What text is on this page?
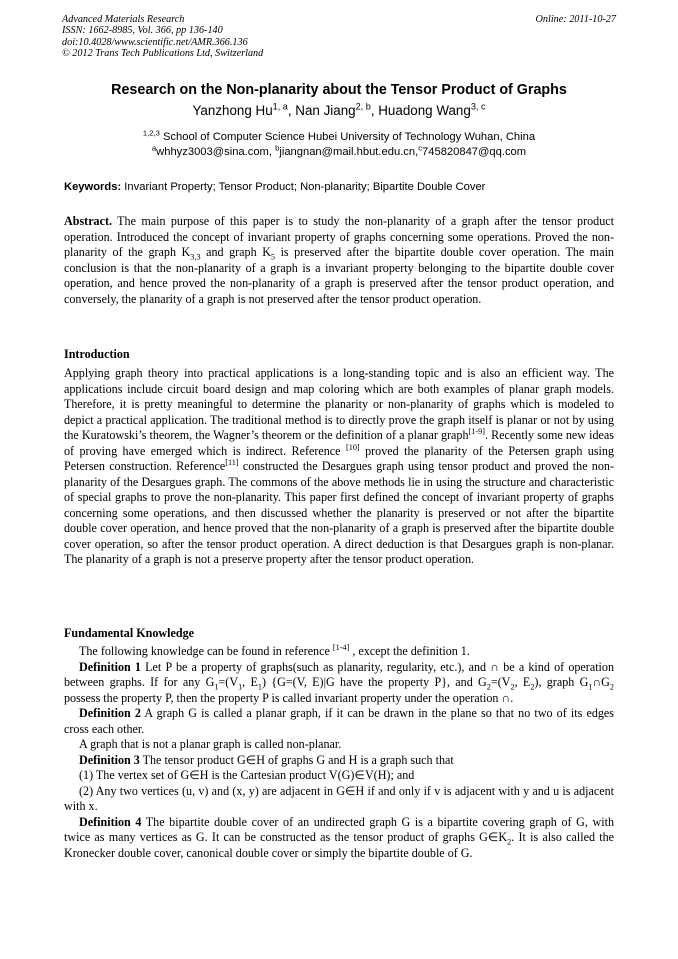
Advanced Materials Research
ISSN: 1662-8985, Vol. 366, pp 136-140
doi:10.4028/www.scientific.net/AMR.366.136
© 2012 Trans Tech Publications Ltd, Switzerland
Online: 2011-10-27
Research on the Non-planarity about the Tensor Product of Graphs
Yanzhong Hu$^{1, a}$, Nan Jiang$^{2, b}$, Huadong Wang$^{3, c}$
$^{1,2,3}$ School of Computer Science Hubei University of Technology Wuhan, China
$^a$whhyz3003@sina.com, $^b$jiangnan@mail.hbut.edu.cn,$^c$745820847@qq.com
Keywords: Invariant Property; Tensor Product; Non-planarity; Bipartite Double Cover
Abstract. The main purpose of this paper is to study the non-planarity of a graph after the tensor product operation. Introduced the concept of invariant property of graphs concerning some operations. Proved the non-planarity of the graph $K_{3,3}$ and graph $K_5$ is preserved after the bipartite double cover operation. The main conclusion is that the non-planarity of a graph is a invariant property belonging to the bipartite double cover operation, and hence proved the non-planarity of a graph is preserved after the tensor product operation, and conversely, the planarity of a graph is not preserved after the tensor product operation.
Introduction
Applying graph theory into practical applications is a long-standing topic and is also an efficient way. The applications include circuit board design and map coloring which are both examples of planar graph models. Therefore, it is pretty meaningful to determine the planarity or non-planarity of graphs which is modeled to depict a practical application. The traditional method is to directly prove the graph itself is planar or not by using the Kuratowski’s theorem, the Wagner’s theorem or the definition of a planar graph[1-9]. Recently some new ideas of proving have emerged which is indirect. Reference [10] proved the planarity of the Petersen graph using Petersen construction. Reference[11] constructed the Desargues graph using tensor product and proved the non-planarity of the Desargues graph. The commons of the above methods lie in using the structure and characteristic of special graphs to prove the non-planarity. This paper first defined the concept of invariant property of graphs concerning some operations, and then discussed whether the planarity is preserved or not after the bipartite double cover operation, and hence proved that the non-planarity of a graph is preserved after the bipartite double cover operation, so after the tensor product operation. A direct deduction is that Desargues graph is non-planar. The planarity of a graph is not a preserve property after the tensor product operation.
Fundamental Knowledge

The following knowledge can be found in reference [1-4] , except the definition 1.

Definition 1 Let P be a property of graphs(such as planarity, regularity, etc.), and ∩ be a kind of operation between graphs. If for any $G_1=(V_1$, $E_1$) {G=(V, E)|G have the property P}, and $G_2=(V_2$, $E_2$), graph $G_1\cap G_2$ possess the property P, then the property P is called invariant property under the operation ∩.

Definition 2 A graph G is called a planar graph, if it can be drawn in the plane so that no two of its edges cross each other.

A graph that is not a planar graph is called non-planar.

Definition 3 The tensor product G∈H of graphs G and H is a graph such that

(1) The vertex set of G∈H is the Cartesian product V(G)∈V(H); and

(2) Any two vertices (u, v) and (x, y) are adjacent in G∈H if and only if v is adjacent with y and u is adjacent with x.

Definition 4 The bipartite double cover of an undirected graph G is a bipartite covering graph of G, with twice as many vertices as G. It can be constructed as the tensor product of graphs $G\in K_2$. It is also called the Kronecker double cover, canonical double cover or simply the bipartite double of G.
